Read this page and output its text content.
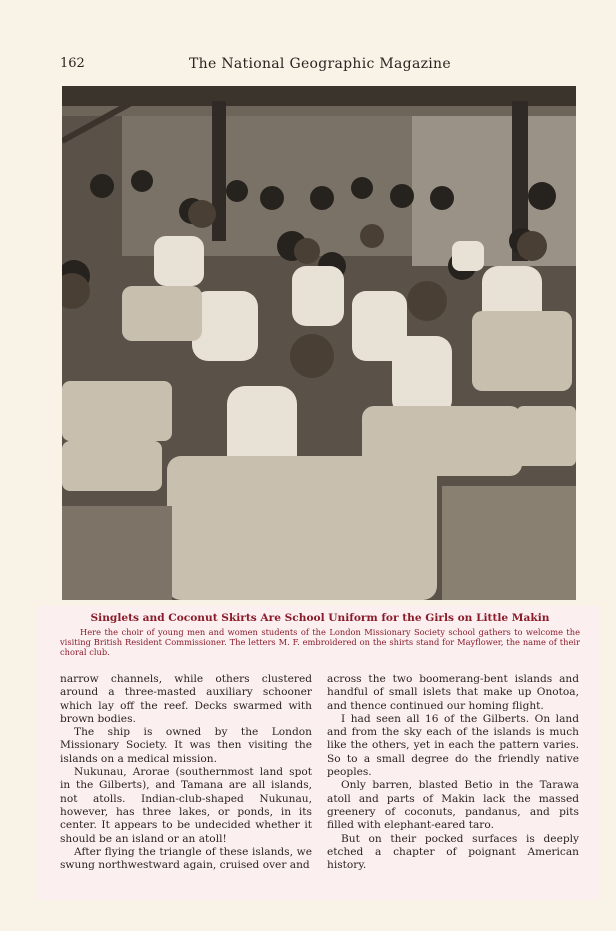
162	The National Geographic Magazine
Singlets and Coconut Skirts Are School Uniform for the Girls on Little Makin
Here the choir of young men and women students of the London Missionary Society school gathers to welcome the visiting British Resident Commissioner. The letters M. F. embroidered on the shirts stand for Mayflower, the name of their choral club.

narrow channels, while others clustered around a three-masted auxiliary schooner which lay off the reef. Decks swarmed with brown bodies.

The ship is owned by the London Missionary Society. It was then visiting the islands on a medical mission.

Nukunau, Arorae (southernmost land spot in the Gilberts), and Tamana are all islands, not atolls. Indian-club-shaped Nukunau, however, has three lakes, or ponds, in its center. It appears to be undecided whether it should be an island or an atoll!

After flying the triangle of these islands, we swung northwestward again, cruised over and

across the two boomerang-bent islands and handful of small islets that make up Onotoa, and thence continued our homing flight.

I had seen all 16 of the Gilberts. On land and from the sky each of the islands is much like the others, yet in each the pattern varies. So to a small degree do the friendly native peoples.

Only barren, blasted Betio in the Tarawa atoll and parts of Makin lack the massed greenery of coconuts, pandanus, and pits filled with elephant-eared taro.

But on their pocked surfaces is deeply etched a chapter of poignant American history.
